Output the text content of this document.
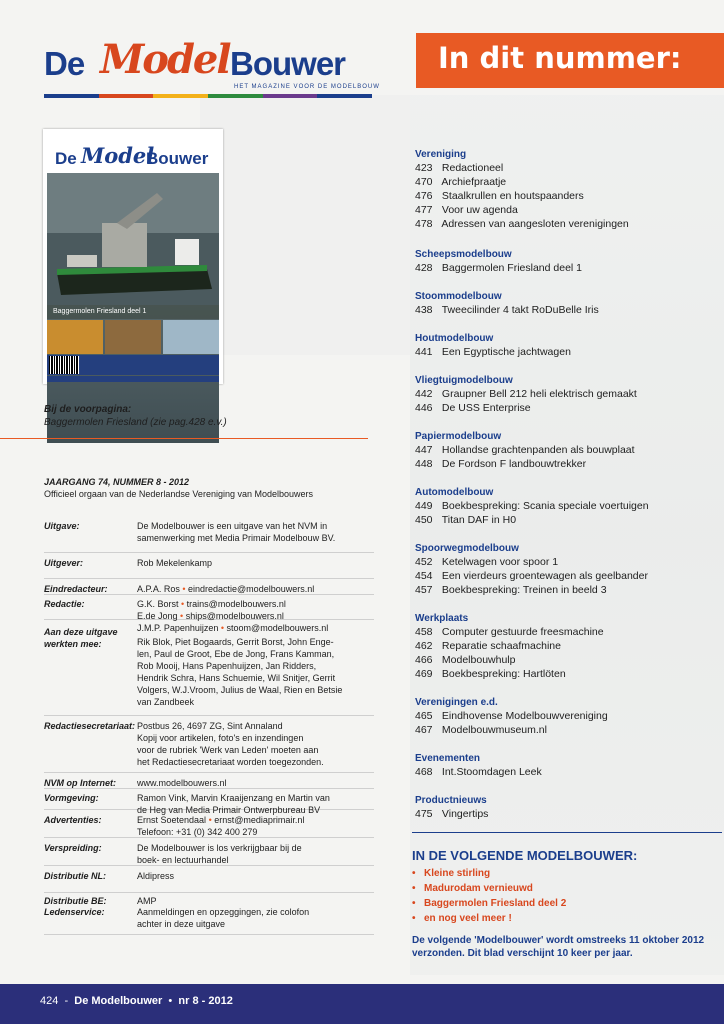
De Model Bouwer
HET MAGAZINE VOOR DE MODELBOUW
In dit nummer:
De Model
Bouwer
Baggermolen Friesland deel 1
Bij de voorpagina:
Baggermolen Friesland (zie pag.428 e.v.)
JAARGANG 74, NUMMER 8 - 2012
Officieel orgaan van de Nederlandse Vereniging van Modelbouwers
Uitgave:	De Modelbouwer is een uitgave van het NVM in
samenwerking met Media Primair Modelbouw BV.
Uitgever:	Rob Mekelenkamp
Eindredacteur:	A.P.A. Ros • eindredactie@modelbouwers.nl
Redactie:	G.K. Borst • trains@modelbouwers.nl
E.de Jong • ships@modelbouwers.nl
J.M.P. Papenhuijzen • stoom@modelbouwers.nl
Aan deze uitgave werkten mee:	Rik Blok, Piet Bogaards, Gerrit Borst, John Enge-
len, Paul de Groot, Ebe de Jong, Frans Kamman,
Rob Mooij, Hans Papenhuijzen, Jan Ridders,
Hendrik Schra, Hans Schuemie, Wil Snitjer, Gerrit
Volgers, W.J.Vroom, Julius de Waal, Rien en Betsie
van Zandbeek
Redactiesecretariaat: Postbus 26, 4697 ZG, Sint Annaland
Kopij voor artikelen, foto's en inzendingen
voor de rubriek 'Werk van Leden' moeten aan
het Redactiesecretariaat worden toegezonden.
NVM op Internet:	www.modelbouwers.nl
Vormgeving:	Ramon Vink, Marvin Kraaijenzang en Martin van
de Heg van Media Primair Ontwerpbureau BV
Advertenties:	Ernst Soetendaal • ernst@mediaprimair.nl
Telefoon: +31 (0) 342 400 279
Verspreiding:	De Modelbouwer is los verkrijgbaar bij de
boek- en lectuurhandel
Distributie NL:	Aldipress
Distributie BE:	AMP
Ledenservice:	Aanmeldingen en opzeggingen, zie colofon
achter in deze uitgave
Vereniging
423 Redactioneel
470 Archiefpraatje
476 Staalkrullen en houtspaanders
477 Voor uw agenda
478 Adressen van aangesloten verenigingen
Scheepsmodelbouw
428 Baggermolen Friesland deel 1
Stoommodelbouw
438 Tweecilinder 4 takt RoDuBelle Iris
Houtmodelbouw
441 Een Egyptische jachtwagen
Vliegtuigmodelbouw
442 Graupner Bell 212 heli elektrisch gemaakt
446 De USS Enterprise
Papiermodelbouw
447 Hollandse grachtenpanden als bouwplaat
448 De Fordson F landbouwtrekker
Automodelbouw
449 Boekbespreking: Scania speciale voertuigen
450 Titan DAF in H0
Spoorwegmodelbouw
452 Ketelwagen voor spoor 1
454 Een vierdeurs groentewagen als geelbander
457 Boekbespreking: Treinen in beeld 3
Werkplaats
458 Computer gestuurde freesmachine
462 Reparatie schaafmachine
466 Modelbouwhulp
469 Boekbespreking: Hartlöten
Verenigingen e.d.
465 Eindhovense Modelbouwvereniging
467 Modelbouwmuseum.nl
Evenementen
468 Int.Stoomdagen Leek
Productnieuws
475 Vingertips
IN DE VOLGENDE MODELBOUWER:
• Kleine stirling
• Madurodam vernieuwd
• Baggermolen Friesland deel 2
• en nog veel meer !
De volgende 'Modelbouwer' wordt omstreeks 11 oktober 2012 verzonden. Dit blad verschijnt 10 keer per jaar.
424 - De Modelbouwer • nr 8 - 2012
